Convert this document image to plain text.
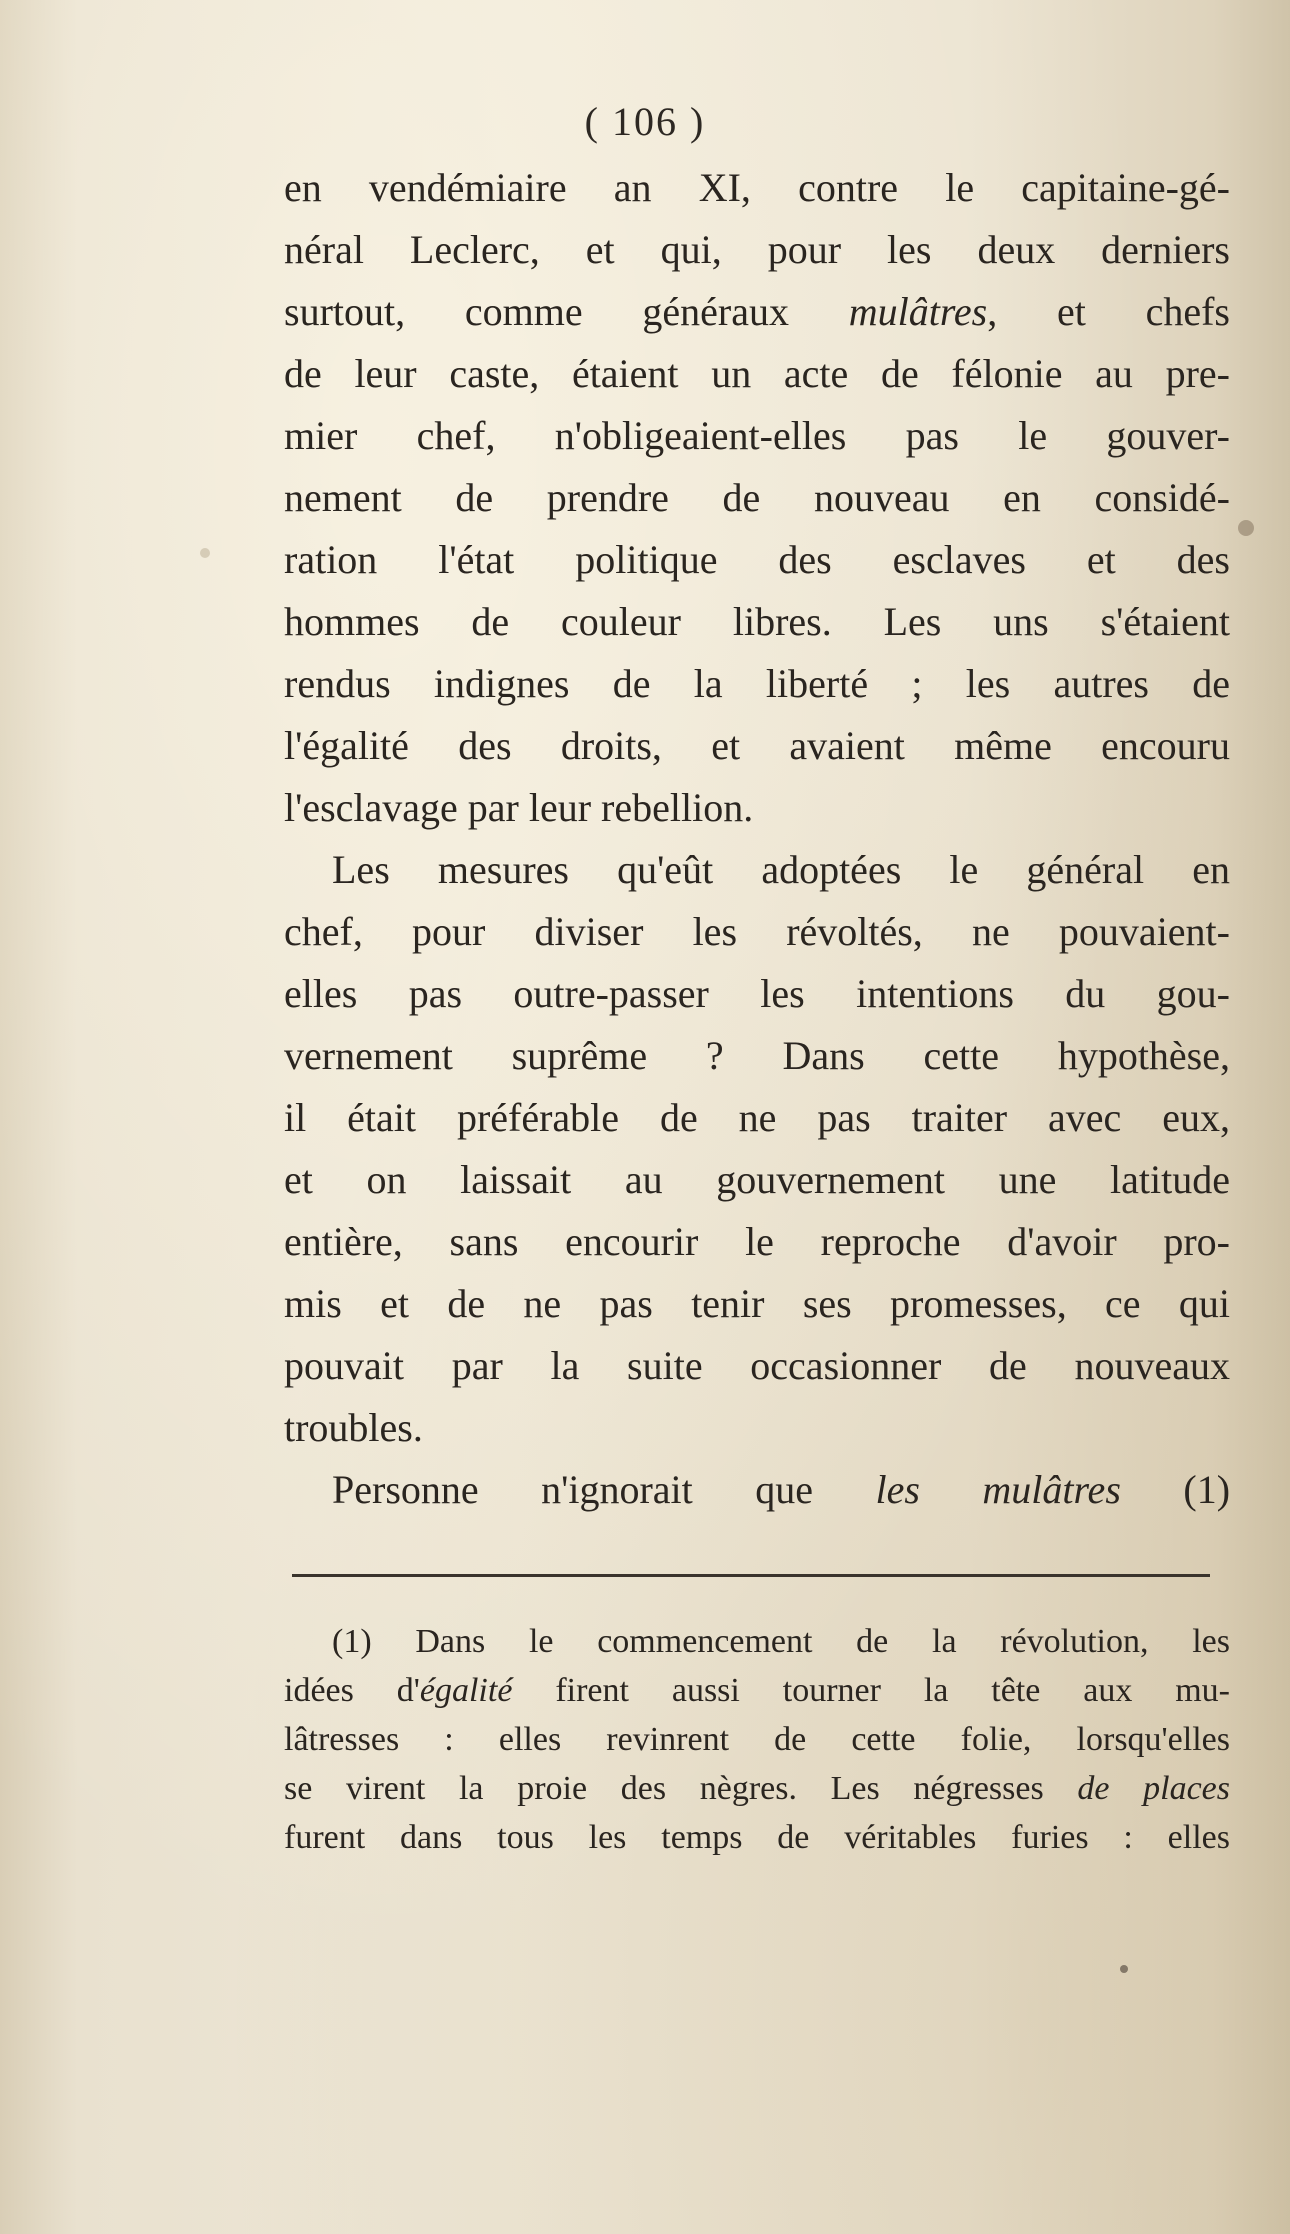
( 106 )
en vendémiaire an XI, contre le capitaine-gé-
néral Leclerc, et qui, pour les deux derniers
surtout, comme généraux mulâtres, et chefs
de leur caste, étaient un acte de félonie au pre-
mier chef, n'obligeaient-elles pas le gouver-
nement de prendre de nouveau en considé-
ration l'état politique des esclaves et des
hommes de couleur libres. Les uns s'étaient
rendus indignes de la liberté ; les autres de
l'égalité des droits, et avaient même encouru
l'esclavage par leur rebellion.
Les mesures qu'eût adoptées le général en
chef, pour diviser les révoltés, ne pouvaient-
elles pas outre-passer les intentions du gou-
vernement suprême ? Dans cette hypothèse,
il était préférable de ne pas traiter avec eux,
et on laissait au gouvernement une latitude
entière, sans encourir le reproche d'avoir pro-
mis et de ne pas tenir ses promesses, ce qui
pouvait par la suite occasionner de nouveaux
troubles.
Personne n'ignorait que les mulâtres (1)
(1) Dans le commencement de la révolution, les
idées d'égalité firent aussi tourner la tête aux mu-
lâtresses : elles revinrent de cette folie, lorsqu'elles
se virent la proie des nègres. Les négresses de places
furent dans tous les temps de véritables furies : elles
